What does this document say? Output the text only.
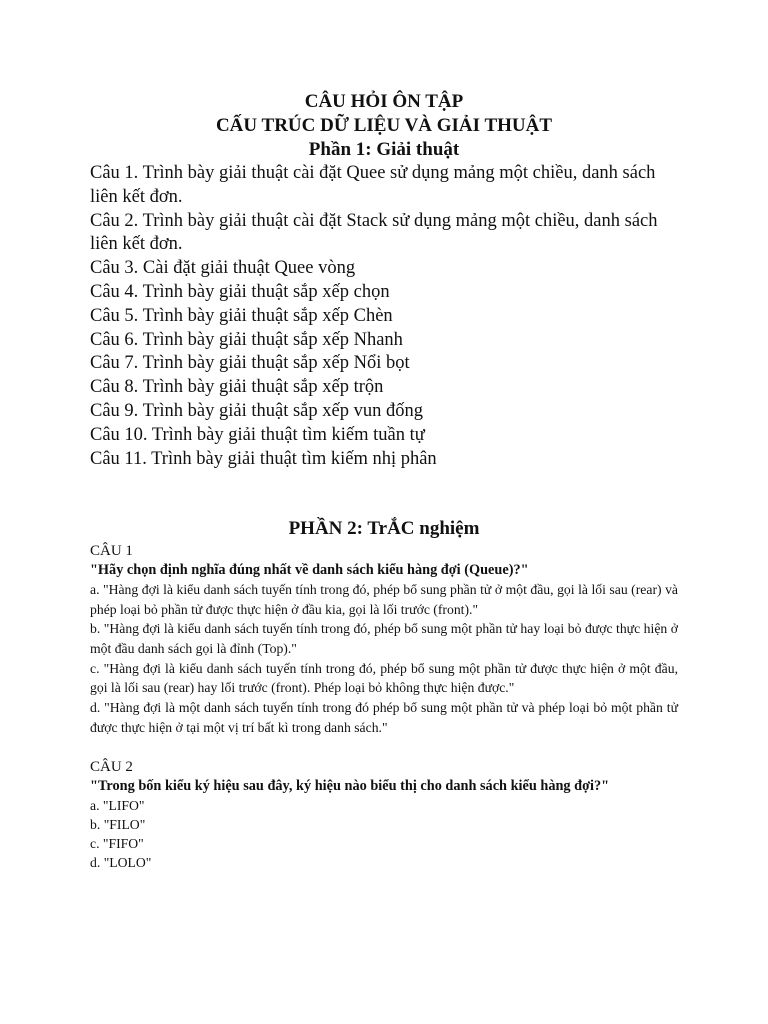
CÂU HỎI ÔN TẬP

CẤU TRÚC DỮ LIỆU VÀ GIẢI THUẬT

Phần 1: Giải thuật

Câu 1. Trình bày giải thuật cài đặt Quee sử dụng mảng một chiều, danh sách liên kết đơn.
Câu 2. Trình bày giải thuật cài đặt Stack sử dụng mảng một chiều, danh sách liên kết đơn.
Câu 3. Cài đặt giải thuật Quee vòng
Câu 4. Trình bày giải thuật sắp xếp chọn
Câu 5. Trình bày giải thuật sắp xếp Chèn
Câu 6. Trình bày giải thuật sắp xếp Nhanh
Câu 7. Trình bày giải thuật sắp xếp Nổi bọt
Câu 8. Trình bày giải thuật sắp xếp trộn
Câu 9. Trình bày giải thuật sắp xếp vun đống
Câu 10. Trình bày giải thuật tìm kiếm tuần tự
Câu 11. Trình bày giải thuật tìm kiếm nhị phân

PHẦN 2: TrẮC nghiệm

CÂU 1

"Hãy chọn định nghĩa đúng nhất về danh sách kiểu hàng đợi (Queue)?"

a. "Hàng đợi là kiểu danh sách tuyến tính trong đó, phép bổ sung phần tử ở một đầu, gọi là lối sau (rear) và phép loại bỏ phần tử được thực hiện ở đầu kia, gọi là lối trước (front)."
b. "Hàng đợi là kiểu danh sách tuyến tính trong đó, phép bổ sung một phần tử hay loại bỏ được thực hiện ở một đầu danh sách gọi là đỉnh (Top)."
c. "Hàng đợi là kiểu danh sách tuyến tính trong đó, phép bổ sung một phần tử được thực hiện ở một đầu, gọi là lối sau (rear) hay lối trước (front). Phép loại bỏ không thực hiện được."
d. "Hàng đợi là một danh sách tuyến tính trong đó phép bổ sung một phần tử và phép loại bỏ một phần tử được thực hiện ở tại một vị trí bất kì trong danh sách."

CÂU 2

"Trong bốn kiểu ký hiệu sau đây, ký hiệu nào biểu thị cho danh sách kiểu hàng đợi?"

a. "LIFO"
b. "FILO"
c. "FIFO"
d. "LOLO"
